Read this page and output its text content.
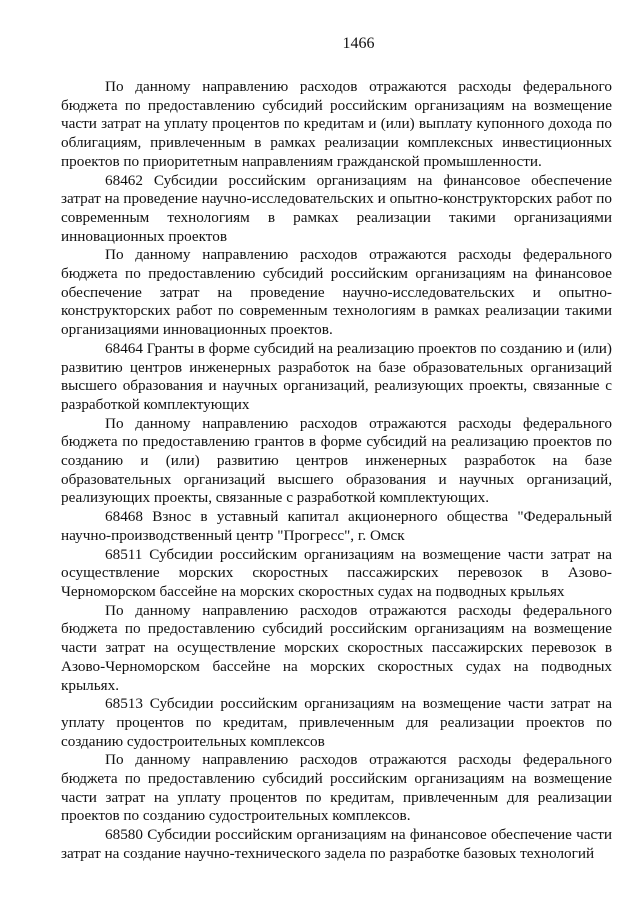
1466

По данному направлению расходов отражаются расходы федерального бюджета по предоставлению субсидий российским организациям на возмещение части затрат на уплату процентов по кредитам и (или) выплату купонного дохода по облигациям, привлеченным в рамках реализации комплексных инвестиционных проектов по приоритетным направлениям гражданской промышленности.

68462 Субсидии российским организациям на финансовое обеспечение затрат на проведение научно-исследовательских и опытно-конструкторских работ по современным технологиям в рамках реализации такими организациями инновационных проектов

По данному направлению расходов отражаются расходы федерального бюджета по предоставлению субсидий российским организациям на финансовое обеспечение затрат на проведение научно-исследовательских и опытно-конструкторских работ по современным технологиям в рамках реализации такими организациями инновационных проектов.

68464 Гранты в форме субсидий на реализацию проектов по созданию и (или) развитию центров инженерных разработок на базе образовательных организаций высшего образования и научных организаций, реализующих проекты, связанные с разработкой комплектующих

По данному направлению расходов отражаются расходы федерального бюджета по предоставлению грантов в форме субсидий на реализацию проектов по созданию и (или) развитию центров инженерных разработок на базе образовательных организаций высшего образования и научных организаций, реализующих проекты, связанные с разработкой комплектующих.

68468 Взнос в уставный капитал акционерного общества "Федеральный научно-производственный центр "Прогресс", г. Омск

68511 Субсидии российским организациям на возмещение части затрат на осуществление морских скоростных пассажирских перевозок в Азово-Черноморском бассейне на морских скоростных судах на подводных крыльях

По данному направлению расходов отражаются расходы федерального бюджета по предоставлению субсидий российским организациям на возмещение части затрат на осуществление морских скоростных пассажирских перевозок в Азово-Черноморском бассейне на морских скоростных судах на подводных крыльях.

68513 Субсидии российским организациям на возмещение части затрат на уплату процентов по кредитам, привлеченным для реализации проектов по созданию судостроительных комплексов

По данному направлению расходов отражаются расходы федерального бюджета по предоставлению субсидий российским организациям на возмещение части затрат на уплату процентов по кредитам, привлеченным для реализации проектов по созданию судостроительных комплексов.

68580 Субсидии российским организациям на финансовое обеспечение части затрат на создание научно-технического задела по разработке базовых технологий
